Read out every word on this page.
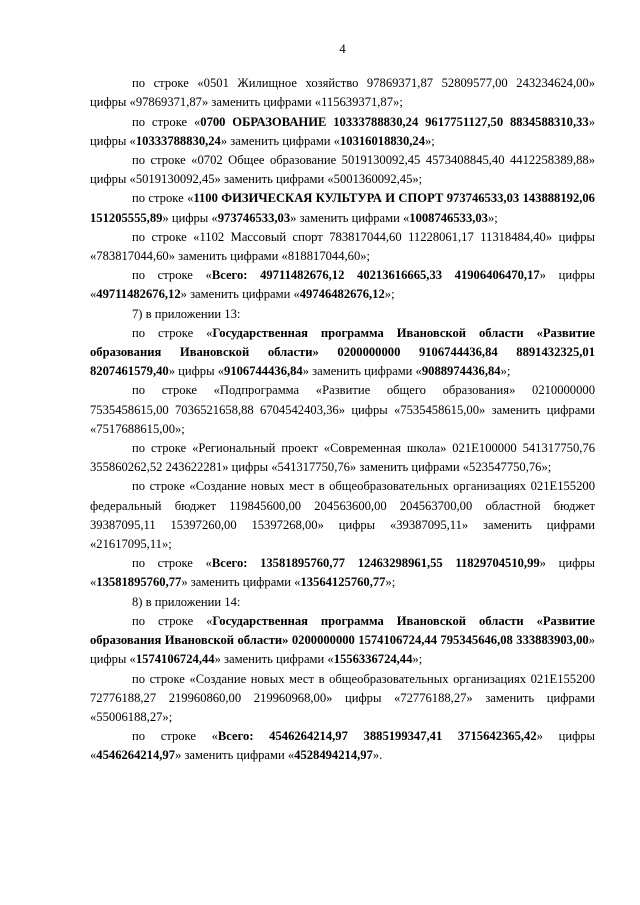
4

по строке «0501 Жилищное хозяйство 97869371,87 52809577,00 243234624,00» цифры «97869371,87» заменить цифрами «115639371,87»;

по строке «0700 ОБРАЗОВАНИЕ 10333788830,24 9617751127,50 8834588310,33» цифры «10333788830,24» заменить цифрами «10316018830,24»;

по строке «0702 Общее образование 5019130092,45 4573408845,40 4412258389,88» цифры «5019130092,45» заменить цифрами «5001360092,45»;

по строке «1100 ФИЗИЧЕСКАЯ КУЛЬТУРА И СПОРТ 973746533,03 143888192,06 151205555,89» цифры «973746533,03» заменить цифрами «1008746533,03»;

по строке «1102 Массовый спорт 783817044,60 11228061,17 11318484,40» цифры «783817044,60» заменить цифрами «818817044,60»;

по строке «Всего: 49711482676,12 40213616665,33 41906406470,17» цифры «49711482676,12» заменить цифрами «49746482676,12»;

7) в приложении 13:

по строке «Государственная программа Ивановской области «Развитие образования Ивановской области» 0200000000 9106744436,84 8891432325,01 8207461579,40» цифры «9106744436,84» заменить цифрами «9088974436,84»;

по строке «Подпрограмма «Развитие общего образования» 0210000000 7535458615,00 7036521658,88 6704542403,36» цифры «7535458615,00» заменить цифрами «7517688615,00»;

по строке «Региональный проект «Современная школа» 021E100000 541317750,76 355860262,52 243622281» цифры «541317750,76» заменить цифрами «523547750,76»;

по строке «Создание новых мест в общеобразовательных организациях 021E155200 федеральный бюджет 119845600,00 204563600,00 204563700,00 областной бюджет 39387095,11 15397260,00 15397268,00» цифры «39387095,11» заменить цифрами «21617095,11»;

по строке «Всего: 13581895760,77 12463298961,55 11829704510,99» цифры «13581895760,77» заменить цифрами «13564125760,77»;

8) в приложении 14:

по строке «Государственная программа Ивановской области «Развитие образования Ивановской области» 0200000000 1574106724,44 795345646,08 333883903,00» цифры «1574106724,44» заменить цифрами «1556336724,44»;

по строке «Создание новых мест в общеобразовательных организациях 021E155200 72776188,27 219960860,00 219960968,00» цифры «72776188,27» заменить цифрами «55006188,27»;

по строке «Всего: 4546264214,97 3885199347,41 3715642365,42» цифры «4546264214,97» заменить цифрами «4528494214,97».
